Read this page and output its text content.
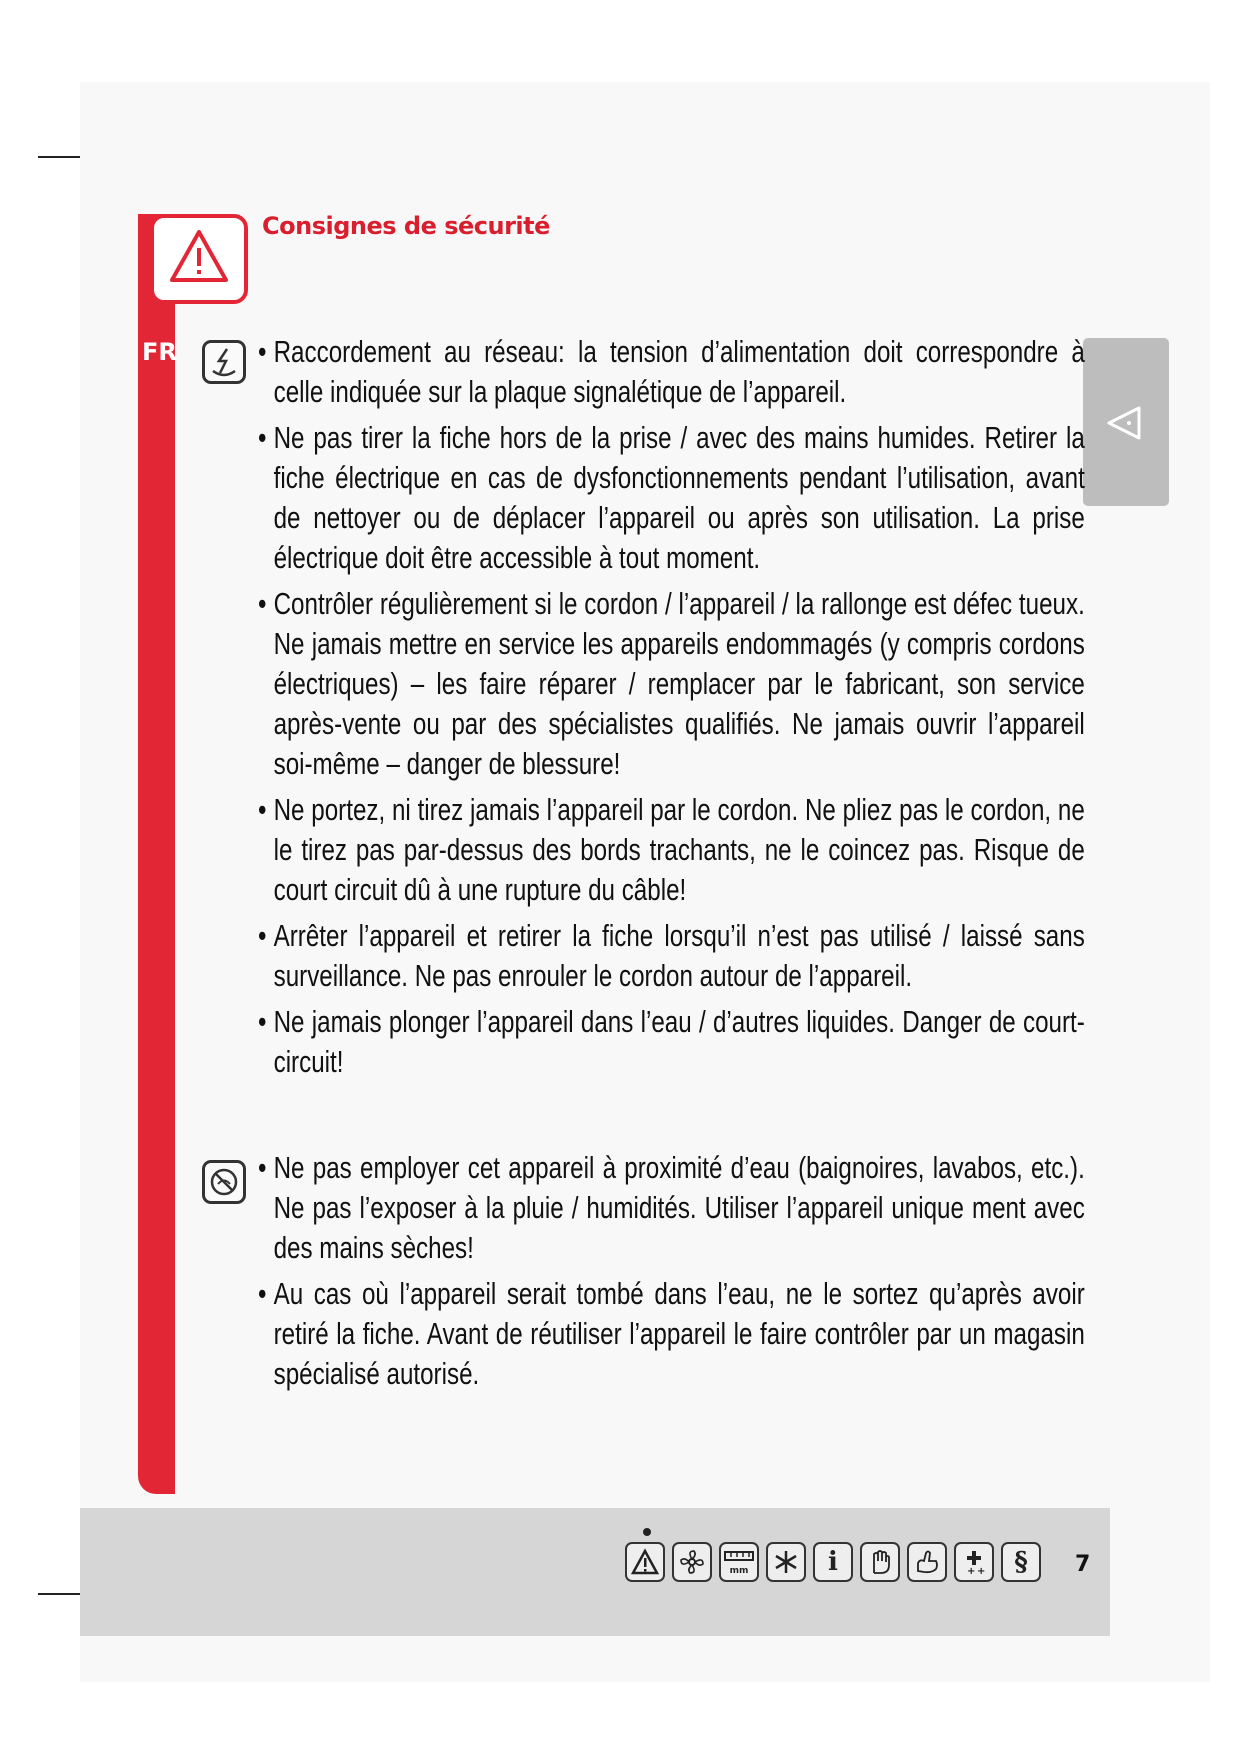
Consignes de sécurité
FR
•	Raccordement au réseau: la tension d’alimentation doit correspondre à celle indiquée sur la plaque signalétique de l’appareil.
• Ne pas tirer la fiche hors de la prise / avec des mains humides. Retirer la fiche électrique en cas de dysfonctionnements pendant l’utilisation, avant de nettoyer ou de déplacer l’appareil ou après son utilisation. La prise électrique doit être accessible à tout moment.
• Contrôler régulièrement si le cordon / l’appareil / la rallonge est défec tueux. Ne jamais mettre en service les appareils endommagés (y compris cordons électriques) – les faire réparer / remplacer par le fabricant, son service après-vente ou par des spécialistes qualifiés. Ne jamais ouvrir l’appareil soi-même – danger de blessure!
• Ne portez, ni tirez jamais l’appareil par le cordon. Ne pliez pas le cordon, ne le tirez pas par-dessus des bords trachants, ne le coincez pas. Risque de court circuit dû à une rupture du câble!
• Arrêter l’appareil et retirer la fiche lorsqu’il n’est pas utilisé / laissé sans surveillance. Ne pas enrouler le cordon autour de l’appareil.
• Ne jamais plonger l’appareil dans l’eau / d’autres liquides. Danger de court-circuit!
• Ne pas employer cet appareil à proximité d’eau (baignoires, lavabos, etc.). Ne pas l’exposer à la pluie / humidités. Utiliser l’appareil unique ment avec des mains sèches!
• Au cas où l’appareil serait tombé dans l’eau, ne le sortez qu’après avoir retiré la fiche. Avant de réutiliser l’appareil le faire contrôler par un magasin spécialisé autorisé.
mm	i	+ + § 7
